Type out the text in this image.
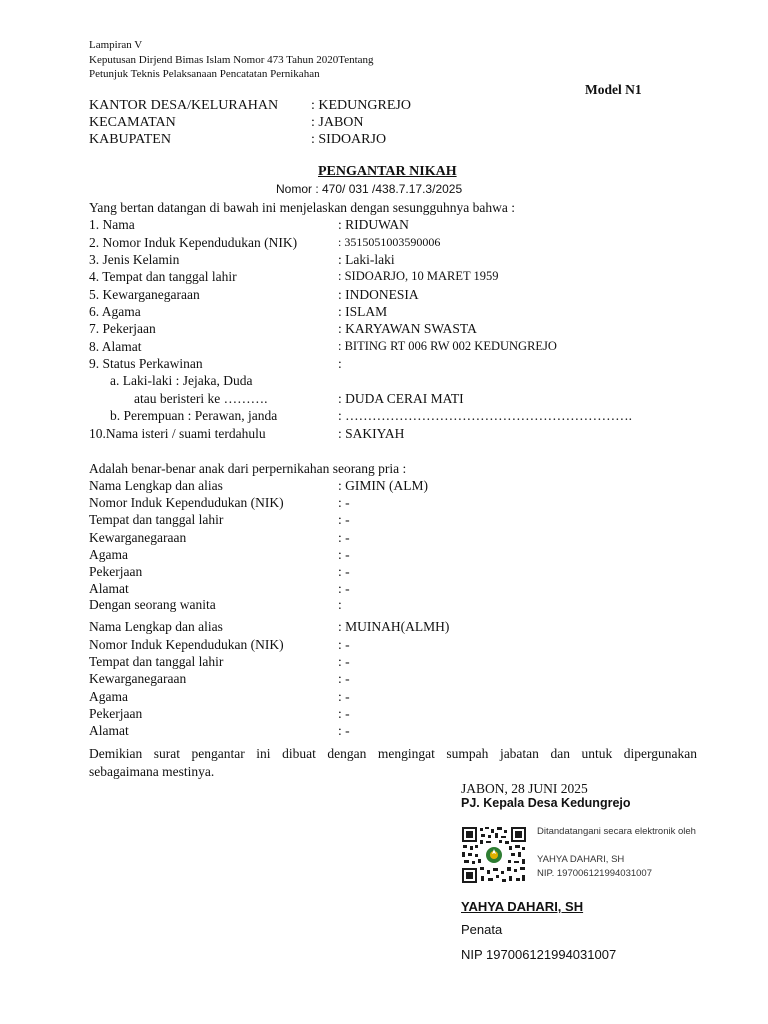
Lampiran V
Keputusan Dirjend Bimas Islam Nomor 473 Tahun 2020Tentang
Petunjuk Teknis Pelaksanaan Pencatatan Pernikahan
Model N1
KANTOR DESA/KELURAHAN : KEDUNGREJO
KECAMATAN	: JABON
KABUPATEN	: SIDOARJO
PENGANTAR NIKAH
Nomor : 470/ 031 /438.7.17.3/2025
Yang bertan datangan di bawah ini menjelaskan dengan sesungguhnya bahwa :
1. Nama	: RIDUWAN
2. Nomor Induk Kependudukan (NIK)	: 3515051003590006
3. Jenis Kelamin	: Laki-laki
4. Tempat dan tanggal lahir	: SIDOARJO, 10 MARET 1959
5. Kewarganegaraan	: INDONESIA
6. Agama	: ISLAM
7. Pekerjaan	: KARYAWAN SWASTA
8. Alamat	: BITING RT 006 RW 002 KEDUNGREJO
9. Status Perkawinan	:
a. Laki-laki : Jejaka, Duda
atau beristeri ke ……….	: DUDA CERAI MATI
b. Perempuan : Perawan, janda	: ……………………………………………………….
10.Nama isteri / suami terdahulu	: SAKIYAH
Adalah benar-benar anak dari perpernikahan seorang pria :
Nama Lengkap dan alias	: GIMIN (ALM)
Nomor Induk Kependudukan (NIK)	: -
Tempat dan tanggal lahir	: -
Kewarganegaraan	: -
Agama	: -
Pekerjaan	: -
Alamat	: -
Dengan seorang wanita	:
Nama Lengkap dan alias	: MUINAH(ALMH)
Nomor Induk Kependudukan (NIK)	: -
Tempat dan tanggal lahir	: -
Kewarganegaraan	: -
Agama	: -
Pekerjaan	: -
Alamat	: -
Demikian surat pengantar ini dibuat dengan mengingat sumpah jabatan dan untuk dipergunakan
sebagaimana mestinya.
JABON, 28 JUNI 2025
PJ. Kepala Desa Kedungrejo
Ditandatangani secara elektronik oleh
YAHYA DAHARI, SH
NIP. 197006121994031007
YAHYA DAHARI, SH
Penata
NIP 197006121994031007
